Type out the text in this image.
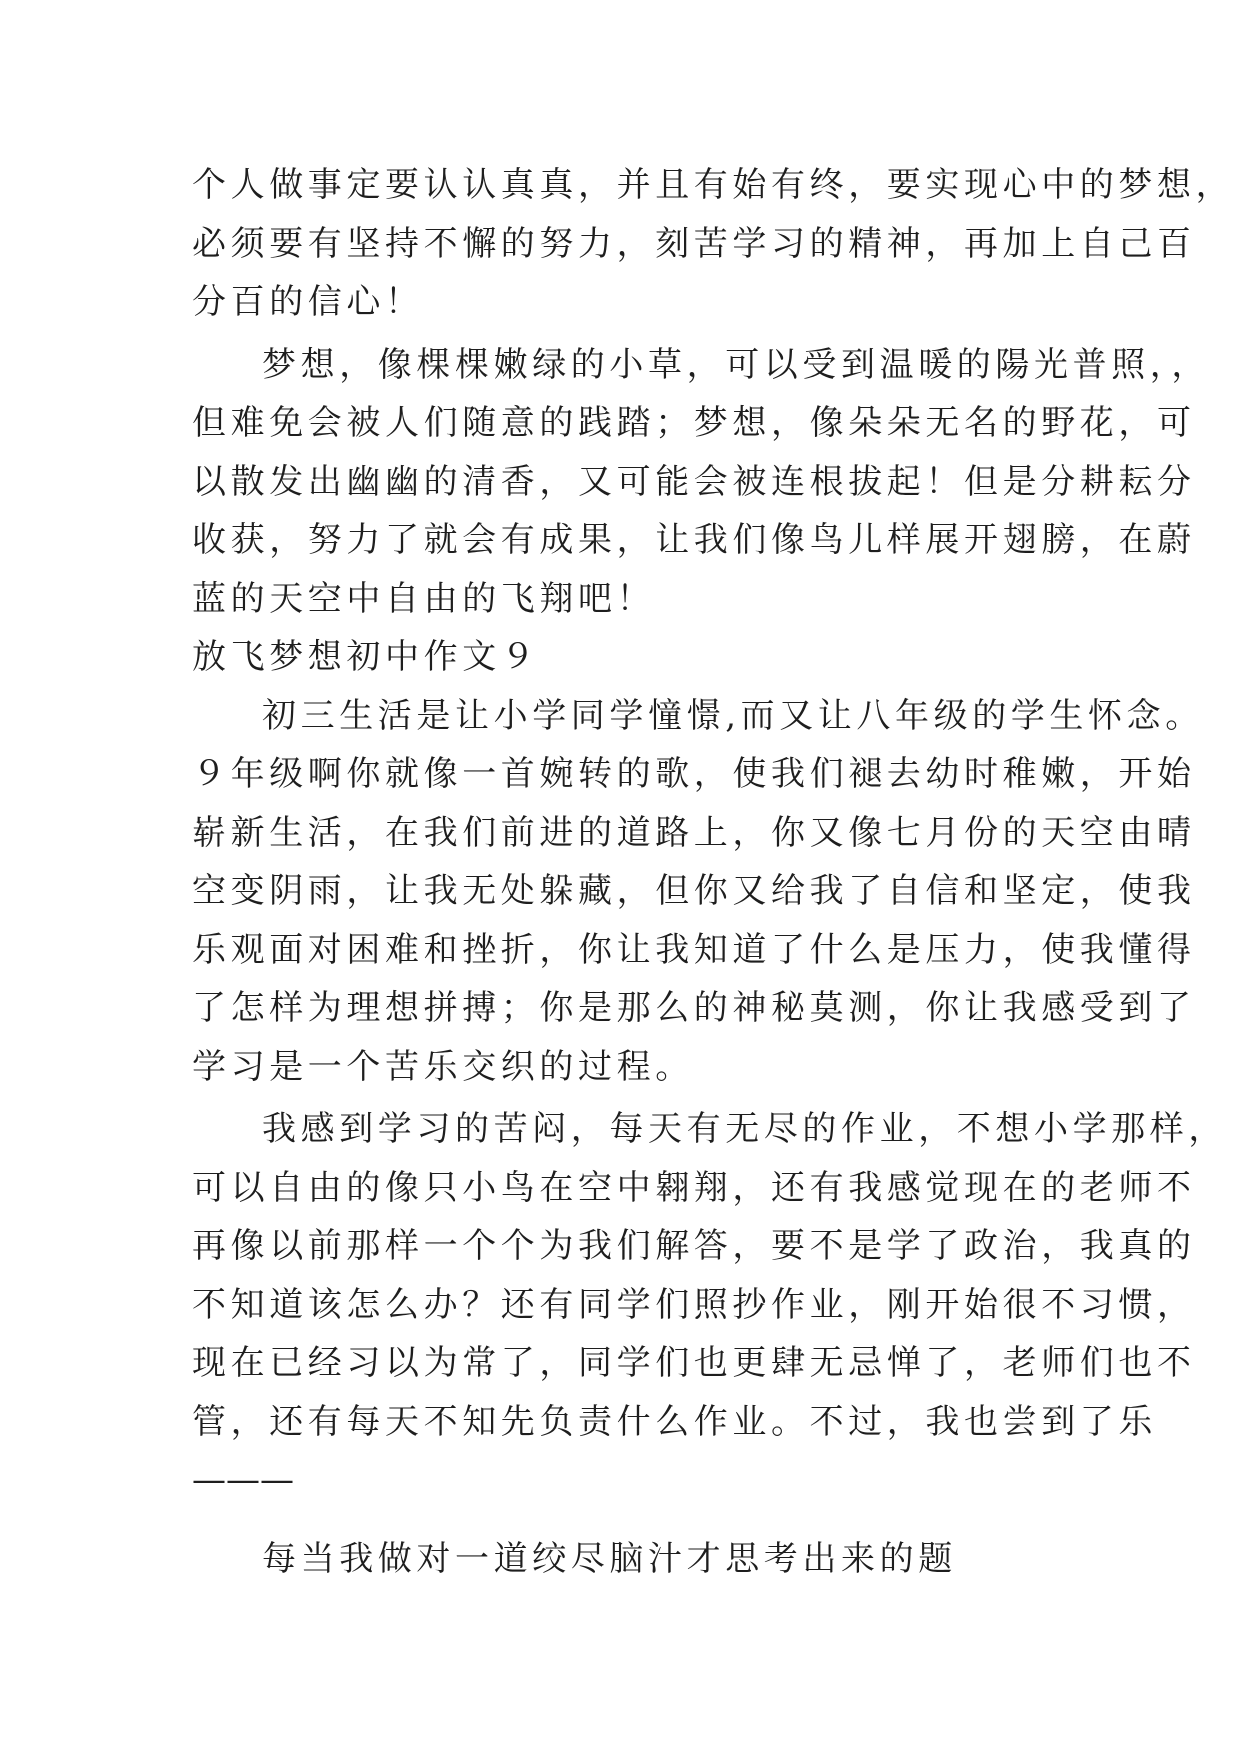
个人做事定要认认真真，并且有始有终，要实现心中的梦想，
必须要有坚持不懈的努力，刻苦学习的精神，再加上自己百
分百的信心！
梦想，像棵棵嫩绿的小草，可以受到温暖的陽光普照，，
但难免会被人们随意的践踏；梦想，像朵朵无名的野花，可
以散发出幽幽的清香，又可能会被连根拔起！但是分耕耘分
收获，努力了就会有成果，让我们像鸟儿样展开翅膀，在蔚
蓝的天空中自由的飞翔吧！
放飞梦想初中作文９
初三生活是让小学同学憧憬,而又让八年级的学生怀念。
９年级啊你就像一首婉转的歌，使我们褪去幼时稚嫩，开始
崭新生活，在我们前进的道路上，你又像七月份的天空由晴
空变阴雨，让我无处躲藏，但你又给我了自信和坚定，使我
乐观面对困难和挫折，你让我知道了什么是压力，使我懂得
了怎样为理想拼搏；你是那么的神秘莫测，你让我感受到了
学习是一个苦乐交织的过程。
我感到学习的苦闷，每天有无尽的作业，不想小学那样，
可以自由的像只小鸟在空中翱翔，还有我感觉现在的老师不
再像以前那样一个个为我们解答，要不是学了政治，我真的
不知道该怎么办？还有同学们照抄作业，刚开始很不习惯，
现在已经习以为常了，同学们也更肆无忌惮了，老师们也不
管，还有每天不知先负责什么作业。不过，我也尝到了乐
———
每当我做对一道绞尽脑汁才思考出来的题
